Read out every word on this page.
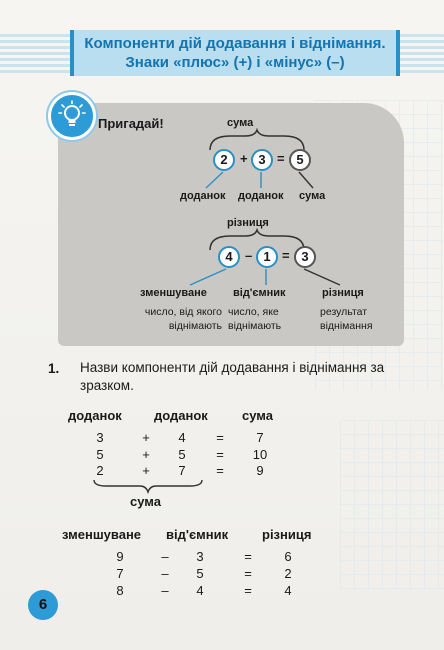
Компоненти дій додавання і віднімання.
Знаки «плюс» (+) і «мінус» (–)
Пригадай!	сума
2 + 3 = 5
доданок доданок сума
різниця
4 – 1 = 3
зменшуване від'ємник	різниця
число, від якого віднімають
число, яке віднімають
результат віднімання
1. Назви компоненти дій додавання і віднімання за зразком.
доданок доданок	сума
3	+	4	=	7
5	+	5	=	10
2	+	7	=	9
сума
зменшуване від'ємник	різниця
9	–	3	=	6
7	–	5	=	2
8	–	4	=	4
6
